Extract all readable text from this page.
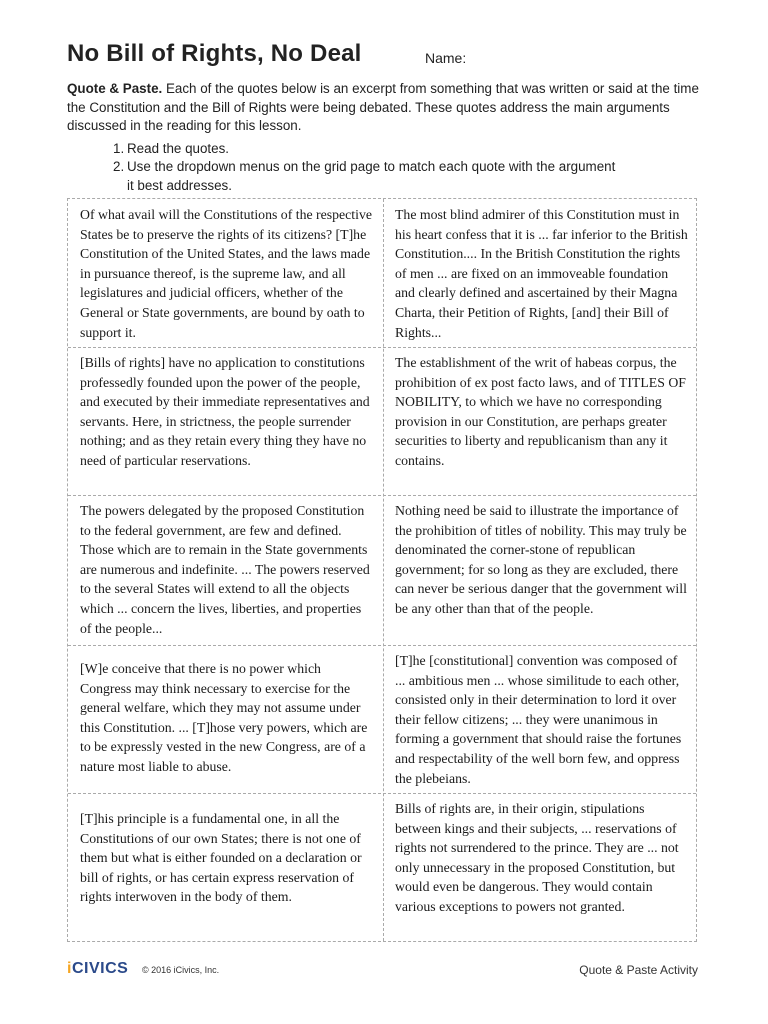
No Bill of Rights, No Deal	Name:
Quote & Paste. Each of the quotes below is an excerpt from something that was written or said at the time the Constitution and the Bill of Rights were being debated. These quotes address the main arguments discussed in the reading for this lesson.
1. Read the quotes.
2. Use the dropdown menus on the grid page to match each quote with the argument
it best addresses.
Of what avail will the Constitutions of the respective States be to preserve the rights of its citizens? [T]he Constitution of the United States, and the laws made in pursuance thereof, is the supreme law, and all legislatures and judicial officers, whether of the General or State governments, are bound by oath to support it.
The most blind admirer of this Constitution must in his heart confess that it is ... far inferior to the British Constitution.... In the British Constitution the rights of men ... are fixed on an immoveable foundation and clearly defined and ascertained by their Magna Charta, their Petition of Rights, [and] their Bill of Rights...
[Bills of rights] have no application to constitutions professedly founded upon the power of the people, and executed by their immediate representatives and servants. Here, in strictness, the people surrender nothing; and as they retain every thing they have no need of particular reservations.
The establishment of the writ of habeas corpus, the prohibition of ex post facto laws, and of TITLES OF NOBILITY, to which we have no corresponding provision in our Constitution, are perhaps greater securities to liberty and republicanism than any it contains.
The powers delegated by the proposed Constitution to the federal government, are few and defined. Those which are to remain in the State governments are numerous and indefinite. ... The powers reserved to the several States will extend to all the objects which ... concern the lives, liberties, and properties of the people...
Nothing need be said to illustrate the importance of the prohibition of titles of nobility. This may truly be denominated the corner-stone of republican government; for so long as they are excluded, there can never be serious danger that the government will be any other than that of the people.
[W]e conceive that there is no power which Congress may think necessary to exercise for the general welfare, which they may not assume under this Constitution. ... [T]hose very powers, which are to be expressly vested in the new Congress, are of a nature most liable to abuse.
[T]he [constitutional] convention was composed of ... ambitious men ... whose similitude to each other, consisted only in their determination to lord it over their fellow citizens; ... they were unanimous in forming a government that should raise the fortunes and respectability of the well born few, and oppress the plebeians.
[T]his principle is a fundamental one, in all the Constitutions of our own States; there is not one of them but what is either founded on a declaration or bill of rights, or has certain express reservation of rights interwoven in the body of them.
Bills of rights are, in their origin, stipulations between kings and their subjects, ... reservations of rights not surrendered to the prince. They are ... not only unnecessary in the proposed Constitution, but would even be dangerous. They would contain various exceptions to powers not granted.
iCIVICS © 2016 iCivics, Inc.	Quote & Paste Activity
